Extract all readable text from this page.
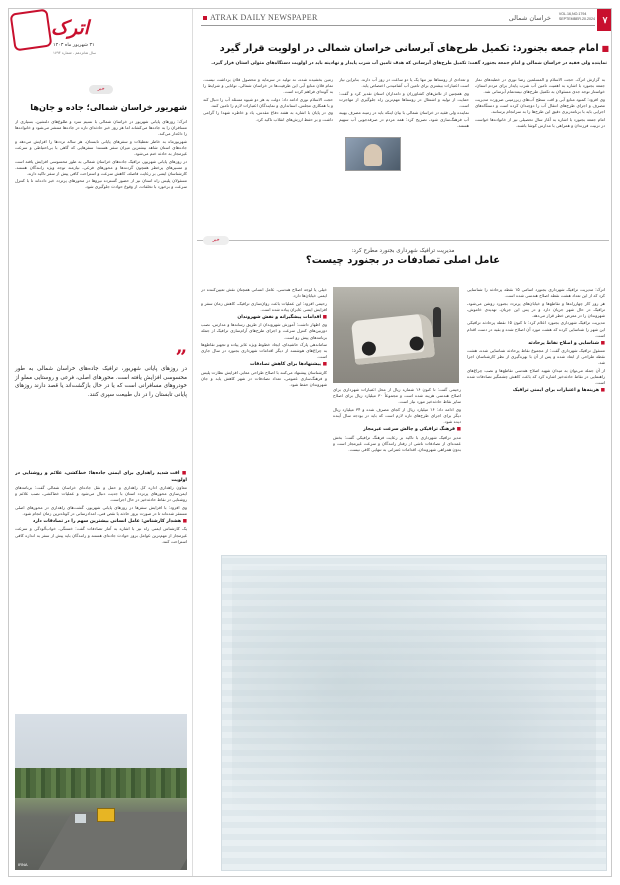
اترک
۳۱ شهریور ماه ۱۴۰۳
سال شانزدهم - شماره ۱۷۹۴
خبر
شهریور خراسان شمالی؛ جاده و جان‌ها

اترک: روزهای پایانی شهریور در خراسان شمالی با نسیم سرد و طلوع‌های دلنشین، بسیاری از مسافران را به جاده‌ها می‌کشاند اما هر روز خبر حادثه‌ای تازه در جاده‌ها منتشر می‌شود و خانواده‌ها را داغدار می‌کند.

شهریورماه به خاطر تعطیلات و سفرهای پایانی تابستان، هر ساله ترددها را افزایش می‌دهد و جاده‌های استان شاهد بیشترین میزان سفر هستند؛ سفرهایی که گاهی با بی‌احتیاطی و سرعت غیرمجاز به حادثه ختم می‌شود.

در روزهای پایانی شهریور، ترافیک جاده‌های خراسان شمالی به طور محسوسی افزایش یافته است و مسیرهای پرخطر همچون گردنه‌ها و محورهای فرعی، نیازمند توجه ویژه رانندگان هستند. کارشناسان ایمنی بر رعایت فاصله، کاهش سرعت و استراحت کافی پیش از سفر تاکید دارند.

مسئولان پلیس راه استان نیز از حضور گسترده نیروها در محورهای پرتردد خبر داده‌اند تا با کنترل سرعت و برخورد با تخلفات، از وقوع حوادث جلوگیری شود.

”
در روزهای پایانی شهریور، ترافیک جاده‌های خراسان شمالی به طور محسوسی افزایش یافته است. محورهای اصلی، فرعی و روستایی مملو از خودروهای مسافرانی است که یا در حال بازگشت‌اند یا قصد دارند روزهای پایانی تابستان را در دل طبیعت سپری کنند.
■ افت شدید راهداری برای ایمنی جاده‌ها؛ خط‌کشی، علائم و روشنایی در اولویت

معاون راهداری اداره کل راهداری و حمل و نقل جاده‌ای خراسان شمالی گفت: برنامه‌های ایمن‌سازی محورهای پرتردد استان با جدیت دنبال می‌شود و عملیات خط‌کشی، نصب علائم و روشنایی در نقاط حادثه‌خیز در حال اجراست.

وی افزود: با افزایش سفرها در روزهای پایانی شهریور، گشت‌های راهداری در محورهای اصلی مستقر شده‌اند تا در صورت بروز حادثه یا نقص فنی، امدادرسانی در کوتاه‌ترین زمان انجام شود.

■ هشدار کارشناس: عامل انسانی بیشترین سهم را در تصادفات دارد

یک کارشناس ایمنی راه نیز با اشاره به آمار تصادفات گفت: خستگی، خواب‌آلودگی و سرعت غیرمجاز از مهم‌ترین عوامل بروز حوادث جاده‌ای هستند و رانندگان باید پیش از سفر به اندازه کافی استراحت کنند.

IRNA
۷
VOL.16,NO.1794
SEPTEMBER.20.2024
خراسان شمالی
ATRAK DAILY NEWSPAPER
■ امام جمعه بجنورد: تکمیل طرح‌های آبرسانی خراسان شمالی در اولویت قرار گیرد
نماینده ولی فقیه در خراسان شمالی و امام جمعه بجنورد گفت: تکمیل طرح‌های آبرسانی که هدف تامین آب شرب پایدار و نهادینه باید در اولویت دستگاه‌های متولی استان قرار گیرد.

به گزارش اترک، حجت الاسلام و المسلمین رضا نوری در خطبه‌های نماز جمعه بجنورد با اشاره به اهمیت تامین آب شرب پایدار برای مردم استان، خواستار توجه جدی مسئولان به تکمیل طرح‌های نیمه‌تمام آبرسانی شد.

وی افزود: کمبود منابع آبی و افت سطح آب‌های زیرزمینی ضرورت مدیریت مصرف و اجرای طرح‌های انتقال آب را دوچندان کرده است و دستگاه‌های اجرایی باید با برنامه‌ریزی دقیق این طرح‌ها را به سرانجام برسانند.

امام جمعه بجنورد با اشاره به آغاز سال تحصیلی نیز از خانواده‌ها خواست در تربیت فرزندان و همراهی با مدارس کوشا باشند.

و تعدادی از روستاها نیز تنها یک یا دو ساعت در روز آب دارند. بنابراین نیاز است اعتبارات بیشتری برای تامین آب آشامیدنی اختصاص یابد.

وی همچنین از تلاش‌های کشاورزان و دامداران استان تقدیر کرد و گفت: حمایت از تولید و اشتغال در روستاها مهم‌ترین راه جلوگیری از مهاجرت است.

نماینده ولی فقیه در خراسان شمالی با بیان اینکه باید در زمینه مصرف بهینه آب فرهنگ‌سازی شود، تصریح کرد: همه مردم در صرفه‌جویی آب سهیم هستند.

زمین بخشیده شده، نه تولید در سرمایه و محصول فلان برداشت نیست. تمام فلان منابع آبی این ظرفیت‌ها در خراسان شمالی، توانایی و شرایط را به گونه‌ای فراهم کرده است.

حجت الاسلام نوری ادامه داد: دولت به هر دو شیوه مسئله آب را دنبال کند و با همکاری مجلس، استانداری و نمایندگان اعتبارات لازم را تامین کنند.

وی در پایان با اشاره به هفته دفاع مقدس، یاد و خاطره شهدا را گرامی داشت و بر حفظ ارزش‌های انقلاب تاکید کرد.

خبر
مدیریت ترافیک شهرداری بجنورد مطرح کرد:
عامل اصلی تصادفات در بجنورد چیست؟

اترک: مدیریت ترافیک شهرداری بجنورد اسامی ۱۵ نقطه پرحادثه را شناسایی کرد که از این تعداد هشت نقطه اصلاح هندسی شده است.

هر روز کار چهارراه‌ها و تقاطع‌ها و خیابان‌های پرتردد بجنورد روشن می‌شود، ترافیک در حال شهر جریان دارد و در پس این جریان، تهدیدی خاموش، شهروندان را در معرض خطر قرار می‌دهد.

مدیریت ترافیک شهرداری بجنورد اعلام کرد: تا کنون ۱۵ نقطه پرحادثه ترافیکی این شهر را شناسایی کرده که هشت مورد آن اصلاح شده و بقیه در دست اقدام است.

■ شناسایی و اصلاح نقاط پرحادثه

مسئول ترافیک شهرداری گفت: از مجموع نقاط پرحادثه شناسایی شده، هشت نقطه طراحی از ابعاد شده و پس از آن با بهره‌گیری از نظر کارشناسان اجرا شد.

از آن جمله می‌توان به میدان شهید اصلاح هندسی تقاطع‌ها و نصب چراغ‌های راهنمایی در نقاط حادثه‌خیز اشاره کرد که باعث کاهش چشمگیر تصادفات شده است.

■ هزینه‌ها و اعتبارات برای ایمنی ترافیک

رحیمی گفت: تا کنون ۱۶ شماره ریال از محل اعتبارات شهرداری برای اصلاح هندسی هزینه شده است و مجموعاً ۳۰ میلیارد ریال برای اصلاح سایر نقاط حادثه‌خیز مورد نیاز است.

وی ادامه داد: ۱۶ میلیارد ریال از کجای مصرف شده و ۳۴ میلیارد ریال دیگر برای اجرای طرح‌های تازه لازم است که باید در بودجه سال آینده دیده شود.

■ فرهنگ ترافیکی و چالش سرعت غیرمجاز

مدیر ترافیک شهرداری با تاکید بر رعایت فرهنگ ترافیکی گفت: بخش عمده‌ای از تصادفات ناشی از رفتار رانندگان و سرعت غیرمجاز است و بدون همراهی شهروندان، اقدامات عمرانی به تنهایی کافی نیست.

خیلی یا لوجه اصلاح هندسی، عامل انسانی همچنان نقش تعیین‌کننده در ایمنی خیابان‌ها دارد.

رحیمی افزود: این عملیات باعث روان‌سازی ترافیک، کاهش زمان سفر و افزایش ایمنی عابران پیاده شده است.

■ اقدامات پیشگیرانه و نقش شهروندان

وی اظهار داشت: آموزش شهروندان از طریق رسانه‌ها و مدارس، نصب دوربین‌های کنترل سرعت و اجرای طرح‌های آرام‌سازی ترافیک از جمله برنامه‌های پیش رو است.

ساماندهی پارک حاشیه‌ای، ایجاد خطوط ویژه عابر پیاده و تجهیز تقاطع‌ها به چراغ‌های هوشمند از دیگر اقدامات شهرداری بجنورد در سال جاری است.

■ پیشنهادها برای کاهش تصادفات

کارشناسان پیشنهاد می‌کنند با اصلاح طراحی معابر، افزایش نظارت پلیس و فرهنگ‌سازی عمومی، تعداد تصادفات در شهر کاهش یابد و جان شهروندان حفظ شود.
